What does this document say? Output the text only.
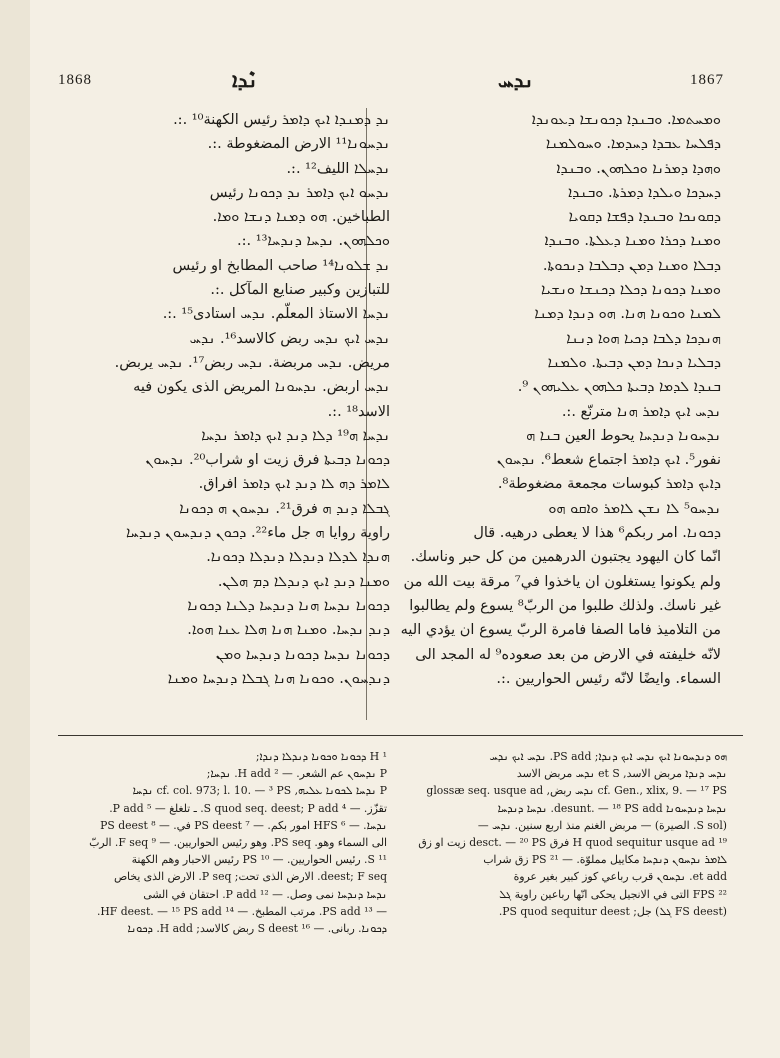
1868	ܢܶܕܐ	ܢܕܚ	1867

ܘܡܚܬܡܐ. ܘܒܢܕܐ ܕܟܘܢܫܐ ܕܥܘܢܕܐ

ܕܦܠܚܐ ܥܒܕܐ ܕܚܕܡܐ. ܘܚܘܠܡܢܐ

ܘܗܕܐ ܕܡܪܢܐ ܘܟܠܗܘܢ. ܘܒܢܕܐ

ܕܚܕܟܐ ܘܝܠܕܐ ܕܡܪܬܐ. ܘܒܢܕܐ

ܕܩܘܢܟܐ ܘܒܢܕܐ ܕܦܫܐ ܕܩܘܝܐ

ܘܡܢܐ ܕܟܪܐ ܘܡܢܐ ܕܥܠܬܐ. ܘܒܢܕܐ

ܕܒܠܐ ܘܡܢܐ ܕܡܢ ܕܒܠܒܐ ܕܢܟܘܬܐ.

ܘܡܢܐ ܕܟܘܢܐ ܕܟܠܐ ܕܟܢܫܐ ܘܢܫܝܐ

ܠܡܢܐ ܘܟܘܢܐ ܗܢܐ. ܗܘ ܕܢܕܐ ܕܡܢܐ

ܗܢܕܟܐ ܕܠܒܐ ܕܟܝܐ ܗܘܐ ܕܢܢܐ

ܕܒܠܝܐ ܕܢܟܐ ܕܡܢ ܕܒܝܬܐ. ܘܠܡܢܐ

ܒܢܕܐ ܠܕܡܐ ܕܒܝܬܐ ܟܠܗܘܢ ܥܠܝܗܘܢ ⁹.

ܢܕܚ ܐܝܟ ܕܐܡܪ ܗܢܐ مترنّع .:.

ܢܕܚܘܢܐ ܕܢܕܚܐ يحوط العين ܒܢܐ ܗ

نفور⁵. ܐܝܟ ܕܐܡܪ اجتماع شعط⁶. ܢܕܚܘܢ

ܕܐܝܟ ܕܐܡܪ كبوسات مجمعة مضغوطة⁸.

ܢܕܚܘ⁵ ܠܐ ܢܫܢ ܠܐܡܪ ܘܐܩܘ ܗܘ

ܕܟܘܢܐ. امر ربكم⁶ هذا لا يعطى درهيه. قال

انّما كان اليهود يجتبون الدرهمين من كل حبر وناسك.

ولم يكونوا يستغلون ان ياخذوا في⁷ مرقة بيت الله من

غير ناسك. ولذلك طلبوا من الربّ⁸ يسوع ولم يطالبوا

من التلاميذ فاما الصفا فامرة الربّ يسوع ان يؤدي اليه

لانّه خليفته في الارض من بعد صعوده⁹ له المجد الى

السماء. وايضًا لانّه رئيس الحواريين .:.

ܢܕ ܕܡܢܕܐ ܐܝܟ ܕܐܡܪ رئيس الكهنة¹⁰ .:.

ܢܕܚܘܢܐ¹¹ الارض المضغوطة .:.

ܢܕܚܠܐ الليف¹² .:.

ܢܕܚܘ ܐܝܟ ܕܐܡܪ ܢܕ ܕܟܘܢܐ رئيس

الطباخين. ܗܘ ܕܡܢܐ ܕܢܫܐ ܘܡܐ.

ܘܟܠܗܘܢ. ܢܕܚܐ ܕܢܕܚܐ¹³ .:.

ܢܕ ܫܠܘܢܐ¹⁴ صاحب المطابخ او رئيس

للتبازين وكبير صنايع المآكل .:.

ܢܕܚܐ الاستاذ المعلّم. ܢܕܚ استادى¹⁵ .:.

ܢܕܚ ܐܝܟ ܢܕܚ ربض كالاسد¹⁶. ܢܕܚ

مريض. ܢܕܚ مربضة. ܢܕܚ ربض¹⁷. ܢܕܚ يربض.

ܢܕܚ اربض. ܢܕܚܘܢܐ المريض الذى يكون فيه

الاسد¹⁸ .:.

ܢܕܚܐ ܗ¹⁹ ܕܠܐ ܕܢܕ ܐܝܟ ܕܐܡܪ ܢܕܚܐ

ܕܟܘܢܐ ܕܒܝܬܐ فرق زيت او شراب²⁰. ܢܕܚܘܢ

ܠܐܡܪ ܕܗ ܠܐ ܕܢܕ ܐܝܟ ܕܐܡܪ افراق.

ܓܒܠܐ ܕܢܕ ܗ فرق²¹. ܢܕܚܘܢ ܗ ܕܟܘܢܐ

راوية روايا ܗ جل ماء²². ܕܟܘܢ ܕܢܕܚܘܢ ܕܢܕܚܐ

ܗܢܕܐ ܠܕܠܐ ܕܢܕܠܐ ܕܢܕܠܐ ܕܟܘܢܐ.

ܘܡܢܐ ܕܢܕ ܐܝܟ ܕܢܕܠܐ ܕܡ ܗܠܢ.

ܕܟܘܢܐ ܢܕܚܐ ܗܢܐ ܕܢܕܚܐ ܕܠܢܐ ܕܟܘܢܐ

ܕܢܕ ܢܕܚܐ. ܘܡܢܐ ܗܢܐ ܗܠܐ ܥܢܐ ܗܘܐ.

ܕܟܘܢܐ ܢܕܚܐ ܕܟܘܢܐ ܕܢܕܚܐ ܘܡܢ

ܕܢܕܚܘܢ. ܘܟܘܢܐ ܗܢܐ ܓܒܠܐ ܕܢܕܚܐ ܘܡܢܐ

ܗܘ ܕܢܕܚܘܢܐ ܐܝܟ ܢܕܚ ܐܝܟ ܕܢܕܐ; PS add. ܢܕܚ ܐܝܟ ܢܕܚ

ܢܕܚ ܕܢܕܐ مربض الاسد, et S ܢܕܚ مربض الاسد

cf. Gen., xlix, 9. — ¹⁷ PS ܢܕܚ ربض, glossæ seq. usque ad

ܢܕܚܐ ܕܢܕܚܘܢܐ desunt. — ¹⁸ PS add. ܢܕܚܐ ܕܢܕܚܐ

(S sol. الصيرة) — مربض الغنم منذ اربع سنين. ܢܕܚ —

¹⁹ H quod sequitur usque ad فرق desct. — ²⁰ PS زيت او زق

ܠܐܡܪ ܢܕܚܘܢ ܕܢܕܚܐ مكاييل مملوّة. — ²¹ PS زق شراب

et add. ܢܕܚܘܢ قرب رباعي كوز كبير بغير عروة

²² FPS التى في الانجيل يحكى انّها رباعين راوية ܓܠ

(FS deest ܓܠ) جل; PS quod sequitur deest.

¹ H ܕܟܘܢܐ ܘܟܘܢܐ ܕܢܕܠܐ ܕܢܕܐ;

P ܢܕܚܘܢ عم الشعر. — ² H add. ܢܕܚܐ;

P ܢܕܚܐ ܠܟܘܢܐ ܥܠܝܗ, cf. col. 973; l. 10. — ³ PS ܢܕܚܐ

تقزّز. — ⁴ S quod seq. deest; P add. ـ تلغلغ — ⁵ P add.

ܢܕܚܐ. — ⁶ HFS امور بكم. — ⁷ PS deest في. — ⁸ PS deest

الى السماء وهو. PS seq. وهو رئيس الحواريين. — ⁹ F seq. الربّ

S ¹¹. رئيس الحواريين. — ¹⁰ PS رئيس الاحبار وهم الكهنة

deest; F seq. الارض الذى تحت; P seq. الارض الذى يخاص

ܢܕܚܐ ܕܢܕܚܐ نمى وصل. — ¹² P add. احتقان في الشى

— ¹³ PS add. مرتب المطبخ. — ¹⁴ HF deest. — ¹⁵ PS add.

ܕܟܘܢܐ. ربانى. — ¹⁶ S deest ربض كالاسد; H add. ܕܟܘܢܐ
